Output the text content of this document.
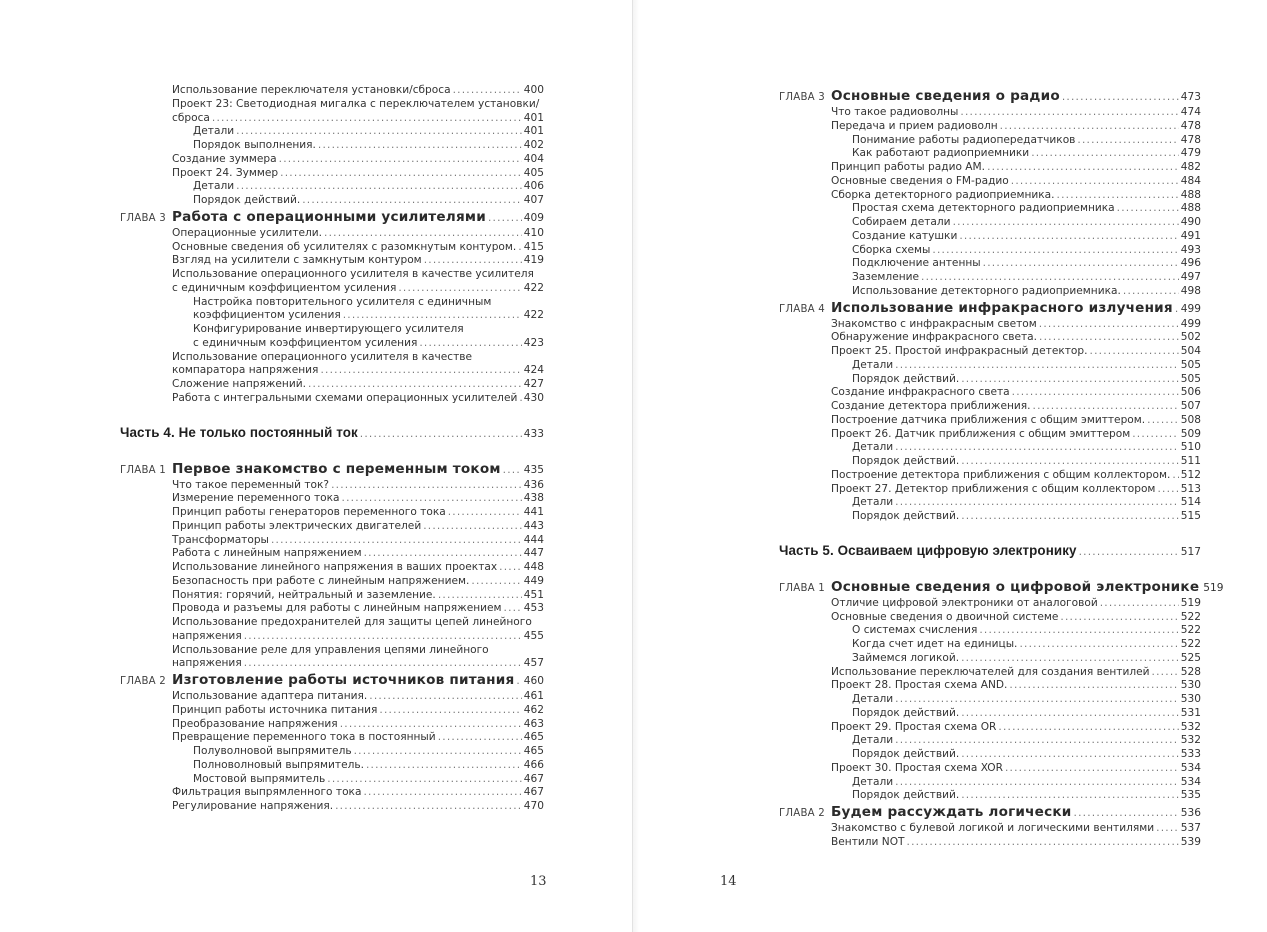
Использование переключателя установки/сброса .....	400
Проект 23: Светодиодная мигалка с переключателем установки/
сброса .....	401
Детали .....	401
Порядок выполнения. .....	402
Создание зуммера .....	404
Проект 24. Зуммер .....	405
Детали .....	406
Порядок действий. .....	407
ГЛАВА 3 Работа с операционными усилителями .....	409
Операционные усилители. .....	410
Основные сведения об усилителях с разомкнутым контуром. ..... 415
Взгляд на усилители с замкнутым контуром .....	419
Использование операционного усилителя в качестве усилителя
с единичным коэффициентом усиления .....	422
Настройка повторительного усилителя с единичным
коэффициентом усиления .....	422
Конфигурирование инвертирующего усилителя
с единичным коэффициентом усиления .....	423
Использование операционного усилителя в качестве
компаратора напряжения .....	424
Сложение напряжений. .....	427
Работа с интегральными схемами операционных усилителей ..... 430
Часть 4. Не только постоянный ток .....	433
ГЛАВА 1 Первое знакомство с переменным током ..... 435
Что такое переменный ток? .....	436
Измерение переменного тока .....	438
Принцип работы генераторов переменного тока .....	441
Принцип работы электрических двигателей .....	443
Трансформаторы .....	444
Работа с линейным напряжением .....	447
Использование линейного напряжения в ваших проектах .....	448
Безопасность при работе с линейным напряжением. .....	449
Понятия: горячий, нейтральный и заземление. .....	451
Провода и разъемы для работы с линейным напряжением ..... 453
Использование предохранителей для защиты цепей линейного
напряжения .....	455
Использование реле для управления цепями линейного
напряжения .....	457
ГЛАВА 2 Изготовление работы источников питания ..... 460
Использование адаптера питания. .....	461
Принцип работы источника питания .....	462
Преобразование напряжения .....	463
Превращение переменного тока в постоянный .....	465
Полуволновой выпрямитель .....	465
Полноволновый выпрямитель. .....	466
Мостовой выпрямитель .....	467
Фильтрация выпрямленного тока .....	467
Регулирование напряжения. .....	470
13
ГЛАВА 3 Основные сведения о радио .....	473
Что такое радиоволны .....	474
Передача и прием радиоволн .....	478
Понимание работы радиопередатчиков .....	478
Как работают радиоприемники .....	479
Принцип работы радио AM. .....	482
Основные сведения о FM-радио .....	484
Сборка детекторного радиоприемника. .....	488
Простая схема детекторного радиоприемника .....	488
Собираем детали .....	490
Создание катушки .....	491
Сборка схемы .....	493
Подключение антенны .....	496
Заземление .....	497
Использование детекторного радиоприемника. .....	498
ГЛАВА 4 Использование инфракрасного излучения ..... 499
Знакомство с инфракрасным светом .....	499
Обнаружение инфракрасного света. .....	502
Проект 25. Простой инфракрасный детектор. .....	504
Детали .....	505
Порядок действий. .....	505
Создание инфракрасного света .....	506
Создание детектора приближения. .....	507
Построение датчика приближения с общим эмиттером. .....	508
Проект 26. Датчик приближения с общим эмиттером .....	509
Детали .....	510
Порядок действий. .....	511
Построение детектора приближения с общим коллектором. ..... 512
Проект 27. Детектор приближения с общим коллектором ..... 513
Детали .....	514
Порядок действий. .....	515
Часть 5. Осваиваем цифровую электронику .....	517
ГЛАВА 1 Основные сведения о цифровой электронике 519
Отличие цифровой электроники от аналоговой .....	519
Основные сведения о двоичной системе .....	522
О системах счисления .....	522
Когда счет идет на единицы. .....	522
Займемся логикой. .....	525
Использование переключателей для создания вентилей .....	528
Проект 28. Простая схема AND. .....	530
Детали .....	530
Порядок действий. .....	531
Проект 29. Простая схема OR .....	532
Детали .....	532
Порядок действий. .....	533
Проект 30. Простая схема XOR .....	534
Детали .....	534
Порядок действий. .....	535
ГЛАВА 2 Будем рассуждать логически .....	536
Знакомство с булевой логикой и логическими вентилями .....	537
Вентили NOT .....	539
14
